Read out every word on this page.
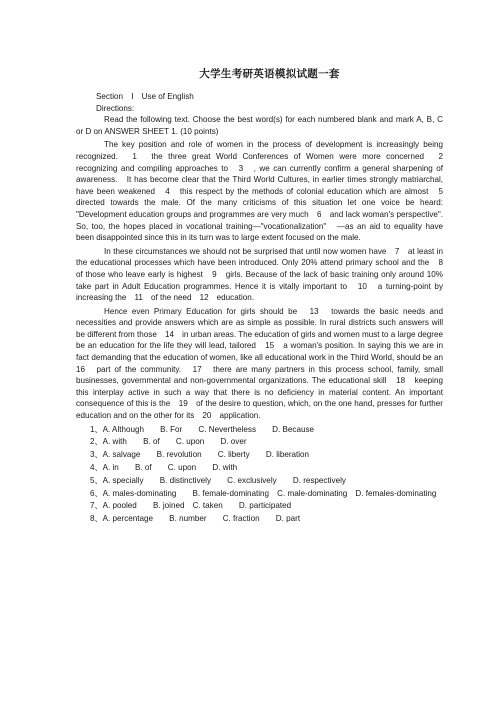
大学生考研英语模拟试题一套
Section　Ⅰ　Use of English
Directions:

Read the following text. Choose the best word(s) for each numbered blank and mark A, B, C or D on ANSWER SHEET 1. (10 points)

The key position and role of women in the process of development is increasingly being recognized.　1　the three great World Conferences of Women were more concerned　2　recognizing and compiling approaches to　3　, we can currently confirm a general sharpening of awareness.　It has become clear that the Third World Cultures, in earlier times strongly matriarchal, have been weakened　4　this respect by the methods of colonial education which are almost　5　directed towards the male. Of the many criticisms of this situation let one voice be heard: "Development education groups and programmes are very much　6　and lack woman's perspective". So, too, the hopes placed in vocational training—"vocationalization"　—as an aid to equality have been disappointed since this in its turn was to large extent focused on the male.

In these circumstances we should not be surprised that until now women have　7　at least in the educational processes which have been introduced. Only 20% attend primary school and the　8　of those who leave early is highest　9　girls. Because of the lack of basic training only around 10% take part in Adult Education programmes. Hence it is vitally important to　10　a turning-point by increasing the　11　of the need　12　education.

Hence even Primary Education for girls should be　13　towards the basic needs and necessities and provide answers which are as simple as possible. In rural districts such answers will be different from those　14　in urban areas. The education of girls and women must to a large degree be an education for the life they will lead, tailored　15　a woman's position. In saying this we are in fact demanding that the education of women, like all educational work in the Third World, should be an　16　part of the community.　17　there are many partners in this process school, family, small businesses, governmental and non-governmental organizations. The educational skill　18　keeping this interplay active in such a way that there is no deficiency in material content. An important consequence of this is the　19　of the desire to question, which, on the one hand, presses for further education and on the other for its　20　application.

1、A. Although　　B. For　　C. Nevertheless　　D. Because
2、A. with　　B. of　　C. upon　　D. over
3、A. salvage　　B. revolution　　C. liberty　　D. liberation
4、A. in　　B. of　　C. upon　　D. with
5、A. specially　　B. distinctively　　C. exclusively　　D. respectively
6、A. males-dominating　　B. female-dominating　C. male-dominating　D. females-dominating
7、A. pooled　　B. joined　C. taken　　D. participated
8、A. percentage　　B. number　　C. fraction　　D. part
